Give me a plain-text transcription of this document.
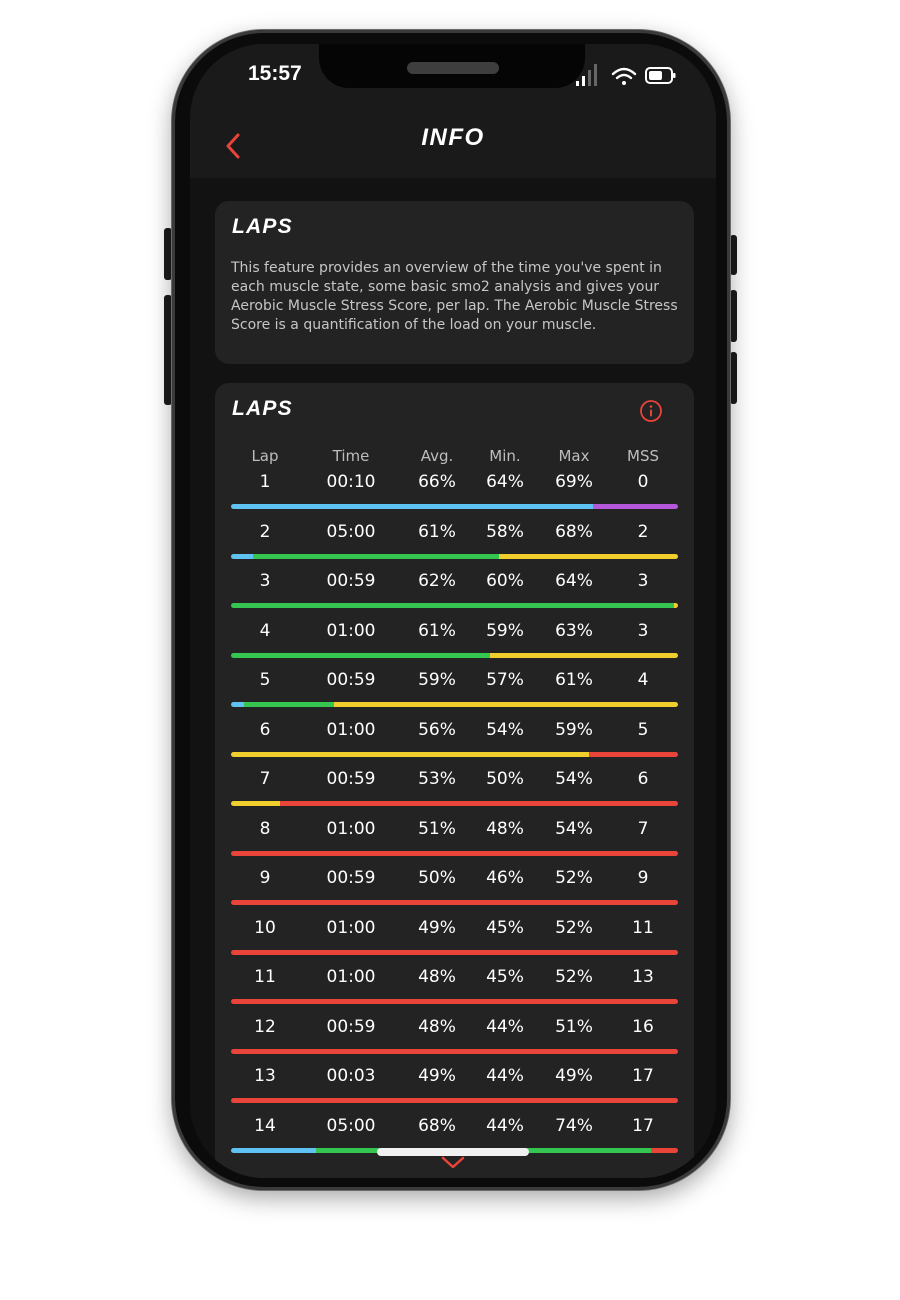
15:57
INFO
LAPS
This feature provides an overview of the time you've spent in each muscle state, some basic smo2 analysis and gives your Aerobic Muscle Stress Score, per lap. The Aerobic Muscle Stress Score is a quantification of the load on your muscle.
LAPS
Lap	Time	Avg.	Min.	Max	MSS
1	00:10	66%	64%	69%	0
2	05:00	61%	58%	68%	2
3	00:59	62%	60%	64%	3
4	01:00	61%	59%	63%	3
5	00:59	59%	57%	61%	4
6	01:00	56%	54%	59%	5
7	00:59	53%	50%	54%	6
8	01:00	51%	48%	54%	7
9	00:59	50%	46%	52%	9
10	01:00	49%	45%	52%	11
11	01:00	48%	45%	52%	13
12	00:59	48%	44%	51%	16
13	00:03	49%	44%	49%	17
14	05:00	68%	44%	74%	17
